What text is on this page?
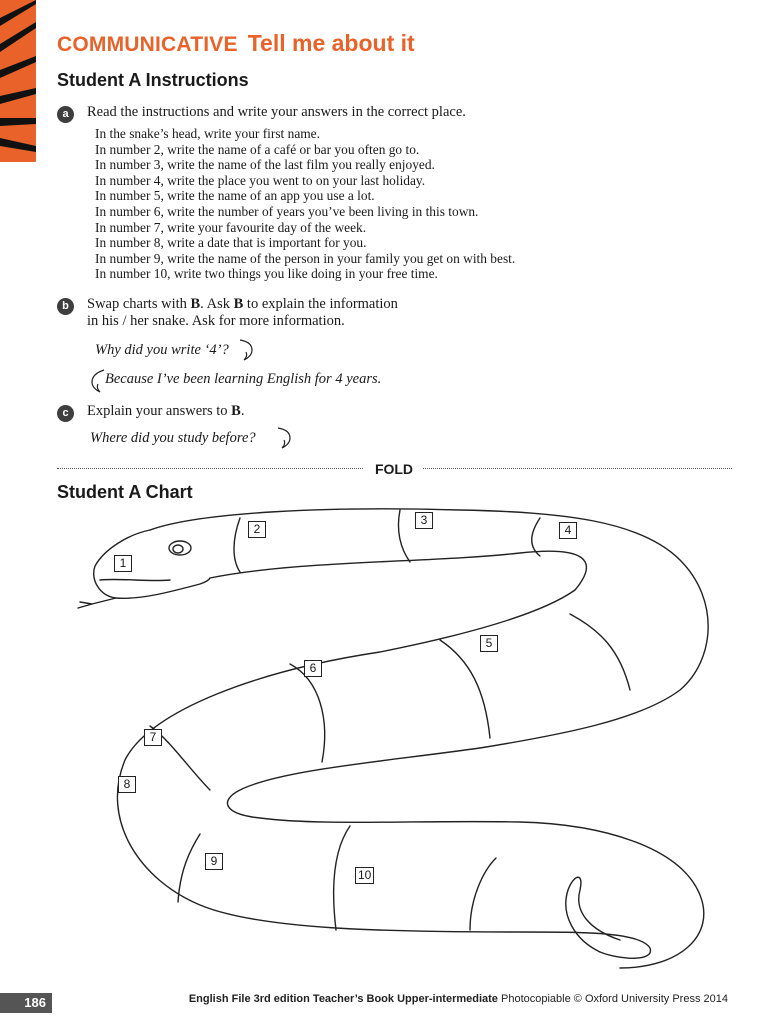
COMMUNICATIVE Tell me about it
Student A Instructions
a	Read the instructions and write your answers in the correct place.

In the snake’s head, write your first name.
In number 2, write the name of a café or bar you often go to.
In number 3, write the name of the last film you really enjoyed.
In number 4, write the place you went to on your last holiday.
In number 5, write the name of an app you use a lot.
In number 6, write the number of years you’ve been living in this town.
In number 7, write your favourite day of the week.
In number 8, write a date that is important for you.
In number 9, write the name of the person in your family you get on with best.
In number 10, write two things you like doing in your free time.
b	Swap charts with B. Ask B to explain the information
in his / her snake. Ask for more information.

Why did you write ‘4’?

Because I’ve been learning English for 4 years.

c	Explain your answers to B.

Where did you study before?

FOLD
Student A Chart
1
2
3
4
5
6
7
8
9
10
186	English File 3rd edition Teacher’s Book Upper-intermediate Photocopiable © Oxford University Press 2014
